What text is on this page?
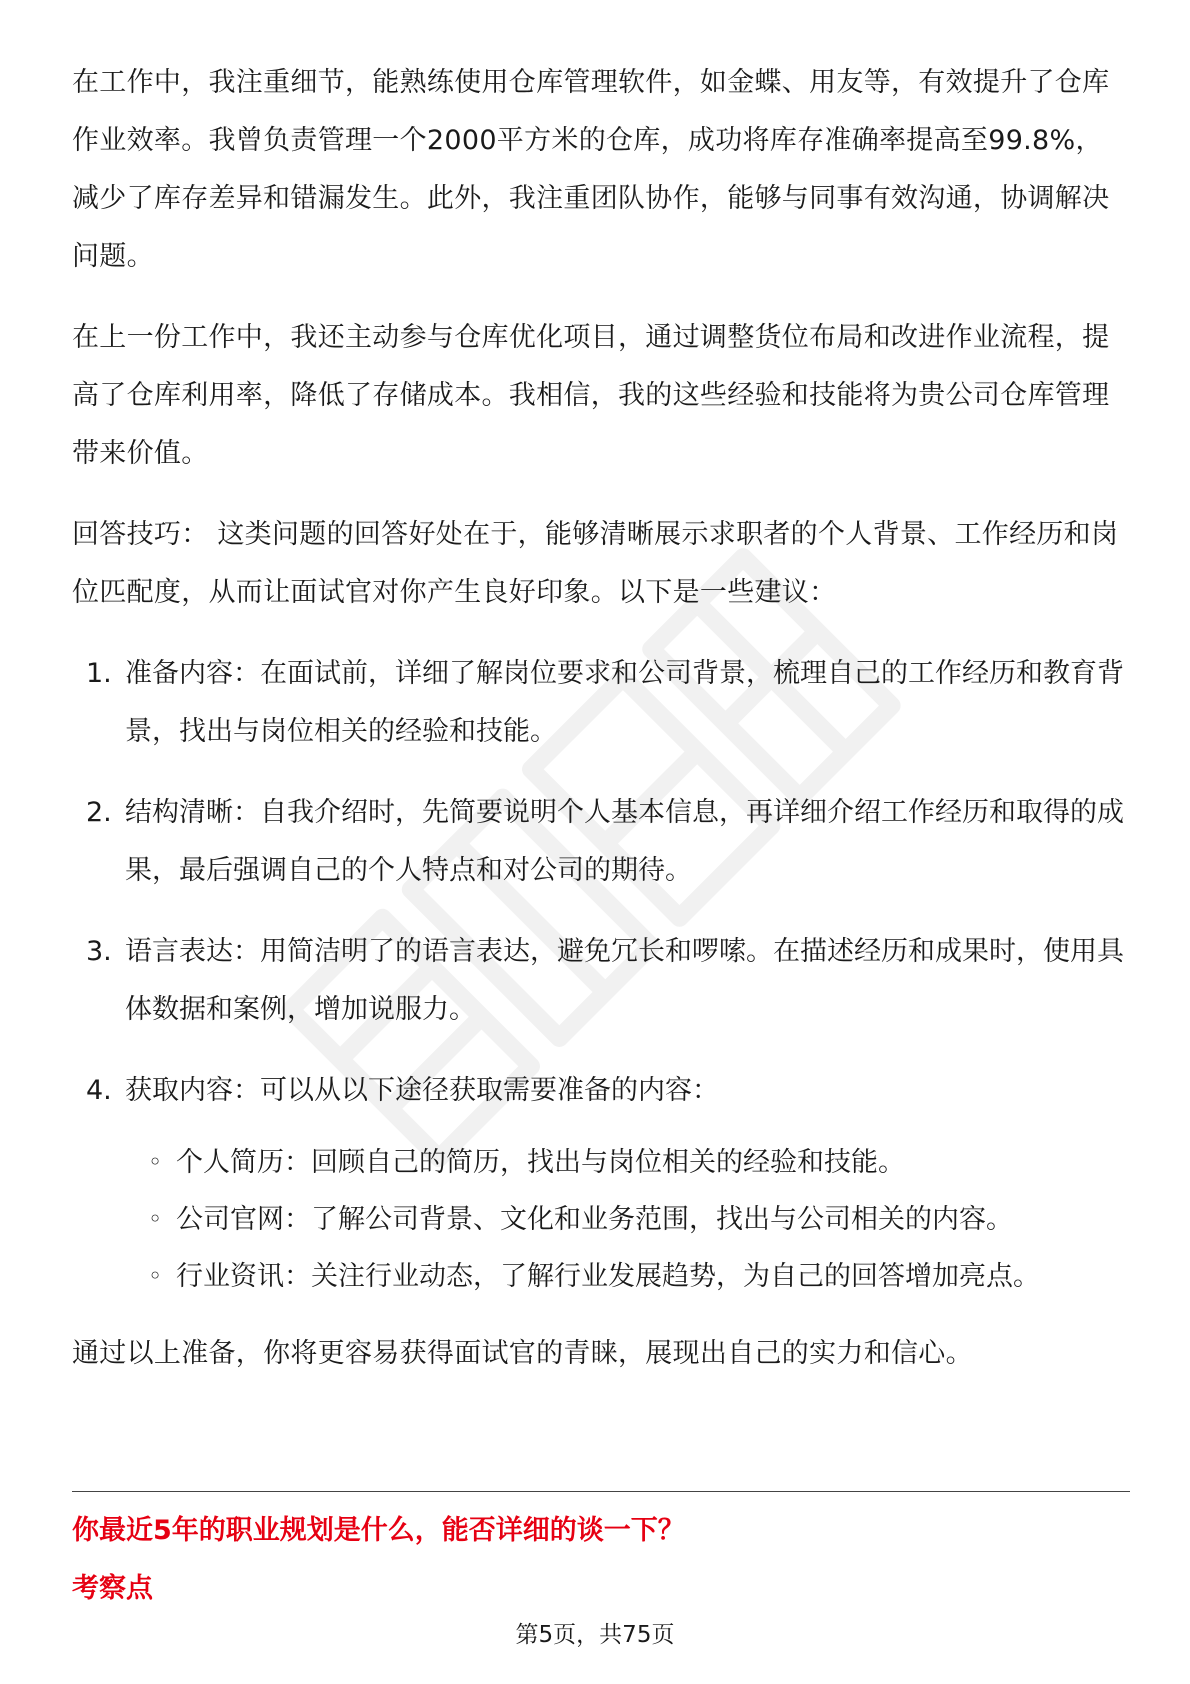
在工作中，我注重细节，能熟练使用仓库管理软件，如金蝶、用友等，有效提升了仓库作业效率。我曾负责管理一个2000平方米的仓库，成功将库存准确率提高至99.8%，减少了库存差异和错漏发生。此外，我注重团队协作，能够与同事有效沟通，协调解决问题。

在上一份工作中，我还主动参与仓库优化项目，通过调整货位布局和改进作业流程，提高了仓库利用率，降低了存储成本。我相信，我的这些经验和技能将为贵公司仓库管理带来价值。

回答技巧： 这类问题的回答好处在于，能够清晰展示求职者的个人背景、工作经历和岗位匹配度，从而让面试官对你产生良好印象。以下是一些建议：

1. 准备内容：在面试前，详细了解岗位要求和公司背景，梳理自己的工作经历和教育背景，找出与岗位相关的经验和技能。
2. 结构清晰：自我介绍时，先简要说明个人基本信息，再详细介绍工作经历和取得的成果，最后强调自己的个人特点和对公司的期待。
3. 语言表达：用简洁明了的语言表达，避免冗长和啰嗦。在描述经历和成果时，使用具体数据和案例，增加说服力。
4. 获取内容：可以从以下途径获取需要准备的内容：
◦ 个人简历：回顾自己的简历，找出与岗位相关的经验和技能。
◦ 公司官网：了解公司背景、文化和业务范围，找出与公司相关的内容。
◦ 行业资讯：关注行业动态，了解行业发展趋势，为自己的回答增加亮点。

通过以上准备，你将更容易获得面试官的青睐，展现出自己的实力和信心。

你最近5年的职业规划是什么，能否详细的谈一下？
考察点
第5页，共75页
